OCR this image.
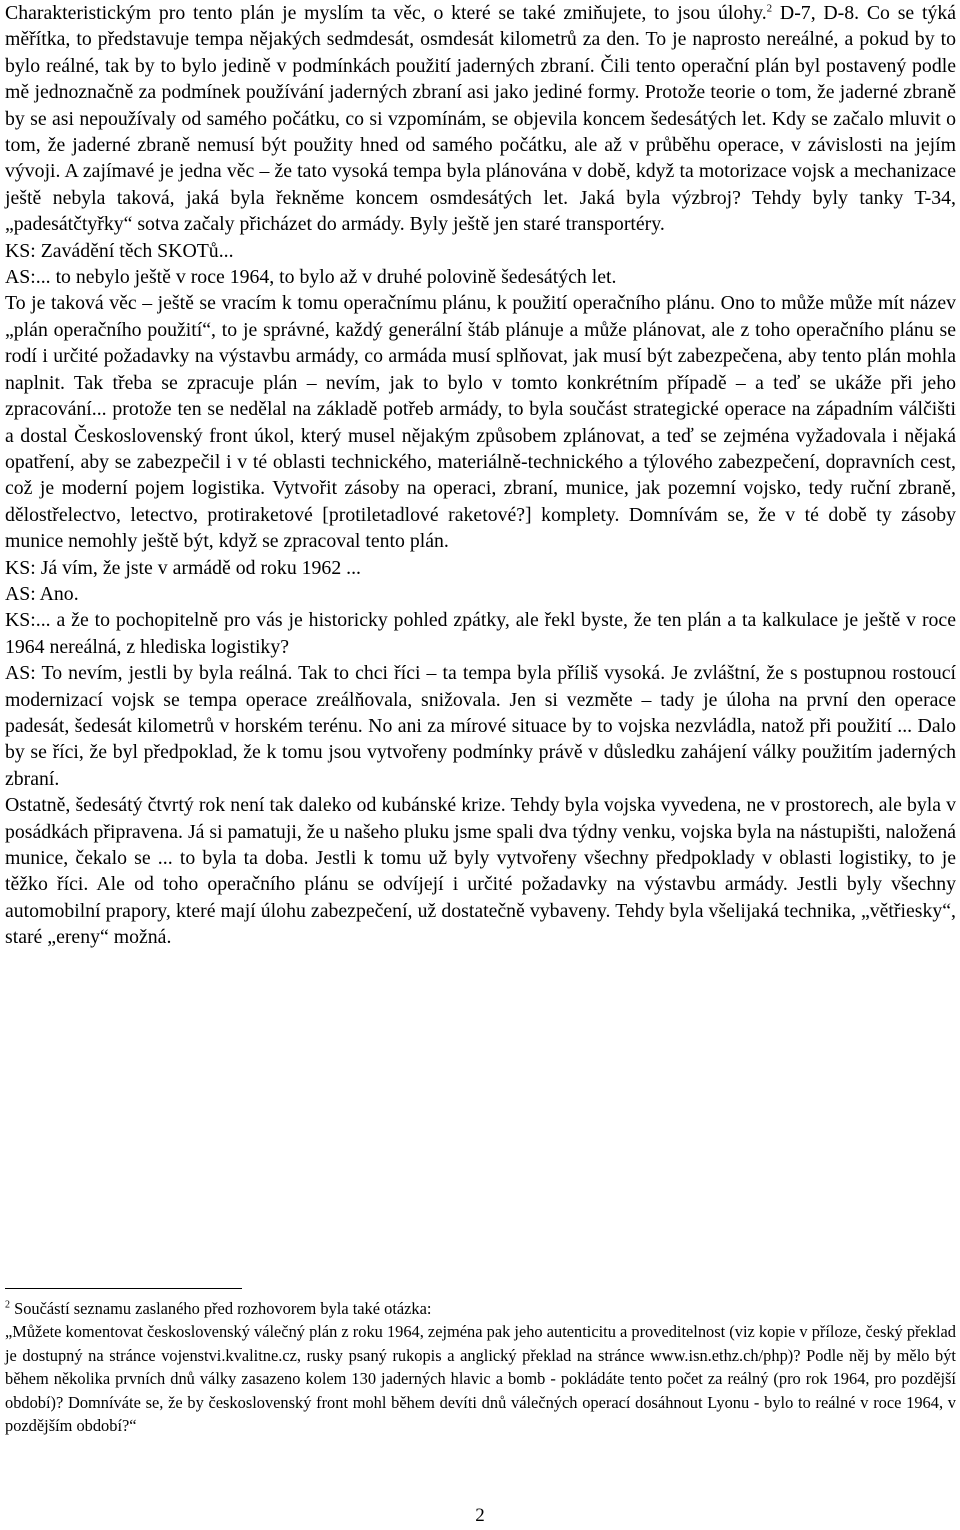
Charakteristickým pro tento plán je myslím ta věc, o které se také zmiňujete, to jsou úlohy.$^2$ D-7, D-8. Co se týká měřítka, to představuje tempa nějakých sedmdesát, osmdesát kilometrů za den. To je naprosto nereálné, a pokud by to bylo reálné, tak by to bylo jedině v podmínkách použití jaderných zbraní. Čili tento operační plán byl postavený podle mě jednoznačně za podmínek používání jaderných zbraní asi jako jediné formy. Protože teorie o tom, že jaderné zbraně by se asi nepoužívaly od samého počátku, co si vzpomínám, se objevila koncem šedesátých let. Kdy se začalo mluvit o tom, že jaderné zbraně nemusí být použity hned od samého počátku, ale až v průběhu operace, v závislosti na jejím vývoji. A zajímavé je jedna věc – že tato vysoká tempa byla plánována v době, když ta motorizace vojsk a mechanizace ještě nebyla taková, jaká byla řekněme koncem osmdesátých let. Jaká byla výzbroj? Tehdy byly tanky T-34, „padesátčtyřky“ sotva začaly přicházet do armády. Byly ještě jen staré transportéry.

KS: Zavádění těch SKOTů...

AS:... to nebylo ještě v roce 1964, to bylo až v druhé polovině šedesátých let.

To je taková věc – ještě se vracím k tomu operačnímu plánu, k použití operačního plánu. Ono to může může mít název „plán operačního použití“, to je správné, každý generální štáb plánuje a může plánovat, ale z toho operačního plánu se rodí i určité požadavky na výstavbu armády, co armáda musí splňovat, jak musí být zabezpečena, aby tento plán mohla naplnit. Tak třeba se zpracuje plán – nevím, jak to bylo v tomto konkrétním případě – a teď se ukáže při jeho zpracování... protože ten se nedělal na základě potřeb armády, to byla součást strategické operace na západním válčišti a dostal Československý front úkol, který musel nějakým způsobem zplánovat, a teď se zejména vyžadovala i nějaká opatření, aby se zabezpečil i v té oblasti technického, materiálně-technického a týlového zabezpečení, dopravních cest, což je moderní pojem logistika. Vytvořit zásoby na operaci, zbraní, munice, jak pozemní vojsko, tedy ruční zbraně, dělostřelectvo, letectvo, protiraketové [protiletadlové raketové?] komplety. Domnívám se, že v té době ty zásoby munice nemohly ještě být, když se zpracoval tento plán.

KS: Já vím, že jste v armádě od roku 1962 ...

AS: Ano.

KS:... a že to pochopitelně pro vás je historicky pohled zpátky, ale řekl byste, že ten plán a ta kalkulace je ještě v roce 1964 nereálná, z hlediska logistiky?

AS: To nevím, jestli by byla reálná. Tak to chci říci – ta tempa byla příliš vysoká. Je zvláštní, že s postupnou rostoucí modernizací vojsk se tempa operace zreálňovala, snižovala. Jen si vezměte – tady je úloha na první den operace padesát, šedesát kilometrů v horském terénu. No ani za mírové situace by to vojska nezvládla, natož při použití ... Dalo by se říci, že byl předpoklad, že k tomu jsou vytvořeny podmínky právě v důsledku zahájení války použitím jaderných zbraní.

Ostatně, šedesátý čtvrtý rok není tak daleko od kubánské krize. Tehdy byla vojska vyvedena, ne v prostorech, ale byla v posádkách připravena. Já si pamatuji, že u našeho pluku jsme spali dva týdny venku, vojska byla na nástupišti, naložená munice, čekalo se ... to byla ta doba. Jestli k tomu už byly vytvořeny všechny předpoklady v oblasti logistiky, to je těžko říci. Ale od toho operačního plánu se odvíjejí i určité požadavky na výstavbu armády. Jestli byly všechny automobilní prapory, které mají úlohu zabezpečení, už dostatečně vybaveny. Tehdy byla všelijaká technika, „větřiesky“, staré „ereny“ možná.

$^2$ Součástí seznamu zaslaného před rozhovorem byla také otázka:
„Můžete komentovat československý válečný plán z roku 1964, zejména pak jeho autenticitu a proveditelnost (viz kopie v příloze, český překlad je dostupný na stránce vojenstvi.kvalitne.cz, rusky psaný rukopis a anglický překlad na stránce www.isn.ethz.ch/php)? Podle něj by mělo být během několika prvních dnů války zasazeno kolem 130 jaderných hlavic a bomb - pokládáte tento počet za reálný (pro rok 1964, pro pozdější období)? Domníváte se, že by československý front mohl během devíti dnů válečných operací dosáhnout Lyonu - bylo to reálné v roce 1964, v pozdějším období?“
2
